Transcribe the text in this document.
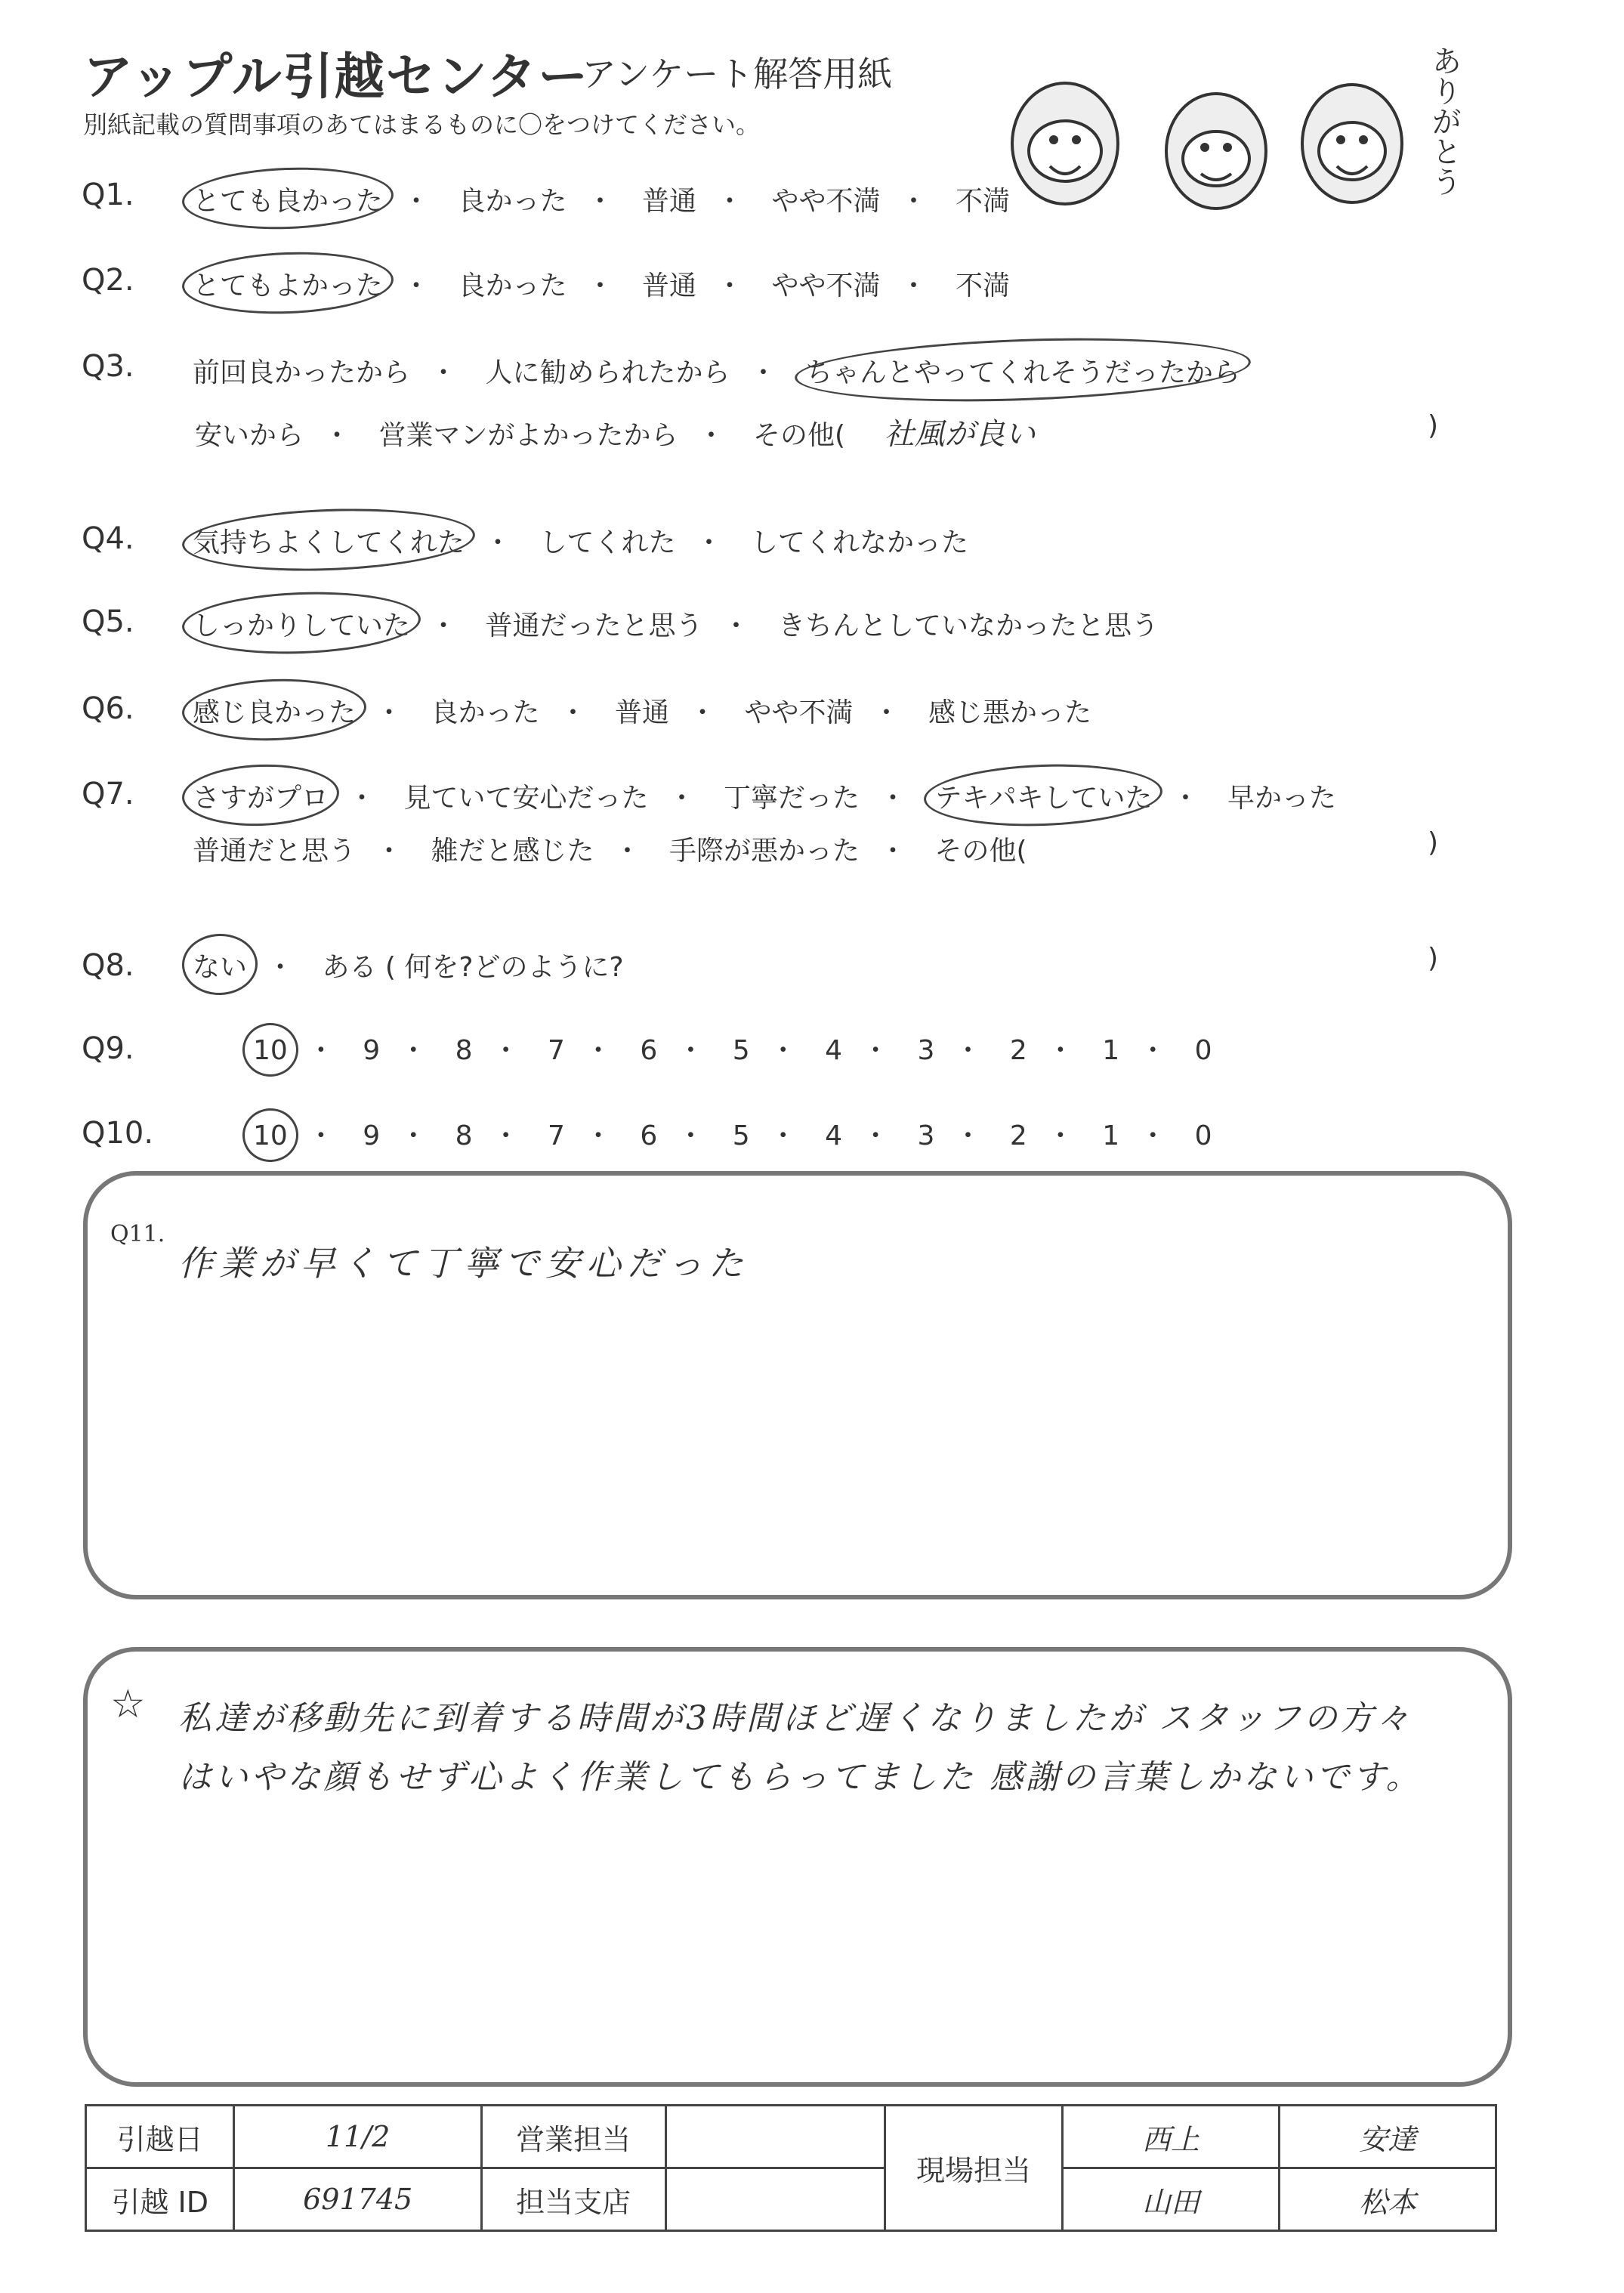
アップル引越センター
アンケート解答用紙
別紙記載の質問事項のあてはまるものに〇をつけてください。	ありがとう
Q1. とても良かった ・ 良かった ・ 普通 ・ やや不満 ・ 不満
Q2. とてもよかった ・ 良かった ・ 普通 ・ やや不満 ・ 不満
Q3. 前回良かったから ・ 人に勧められたから ・ ちゃんとやってくれそうだったから
安いから ・ 営業マンがよかったから ・ その他( 社風が良い	)
Q4. 気持ちよくしてくれた ・ してくれた ・ してくれなかった
Q5. しっかりしていた ・ 普通だったと思う ・ きちんとしていなかったと思う
Q6. 感じ良かった ・ 良かった ・ 普通 ・ やや不満 ・ 感じ悪かった
Q7. さすがプロ ・ 見ていて安心だった ・ 丁寧だった ・ テキパキしていた ・ 早かった
普通だと思う ・ 雑だと感じた ・ 手際が悪かった ・ その他(	)
Q8. ない ・ ある ( 何を?どのように?	)
Q9.	10 ・ 9 ・ 8 ・ 7 ・ 6 ・ 5 ・ 4 ・ 3 ・ 2 ・ 1 ・ 0
Q10.	10 ・ 9 ・ 8 ・ 7 ・ 6 ・ 5 ・ 4 ・ 3 ・ 2 ・ 1 ・ 0
Q11.
作業が早くて丁寧で安心だった
☆ 私達が移動先に到着する時間が3時間ほど遅くなりましたが スタッフの方々はいやな顔もせず心よく作業してもらってました 感謝の言葉しかないです。
引越日	11/2	営業担当		現場担当	西上	安達
引越 ID	691745	担当支店			山田	松本
